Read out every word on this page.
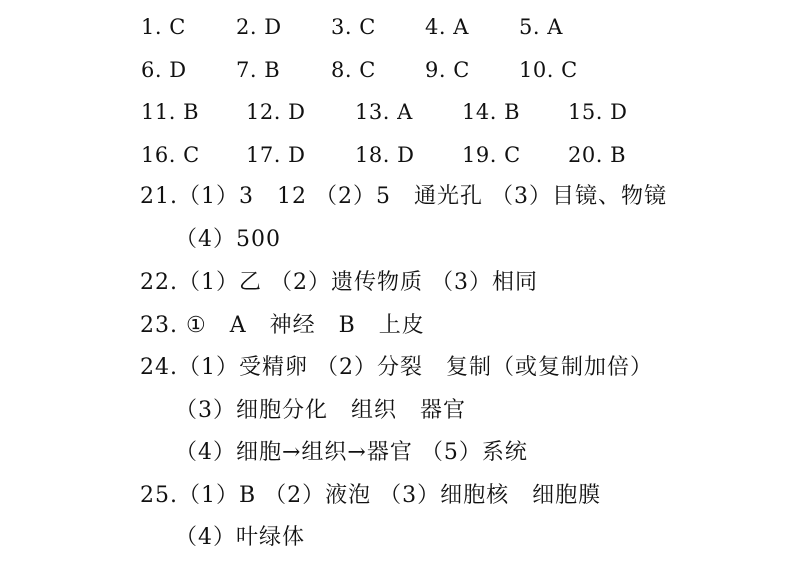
1. C 2. D 3. C 4. A 5. A
6. D 7. B 8. C 9. C 10. C
11. B 12. D 13. A 14. B 15. D
16. C 17. D 18. D 19. C 20. B
21.（1）3　12 （2）5　通光孔 （3）目镜、物镜
（4）500
22.（1）乙 （2）遗传物质 （3）相同
23. ①　A　神经　B　上皮
24.（1）受精卵 （2）分裂　复制（或复制加倍）
（3）细胞分化　组织　器官
（4）细胞→组织→器官 （5）系统
25.（1）B （2）液泡 （3）细胞核　细胞膜
（4）叶绿体
